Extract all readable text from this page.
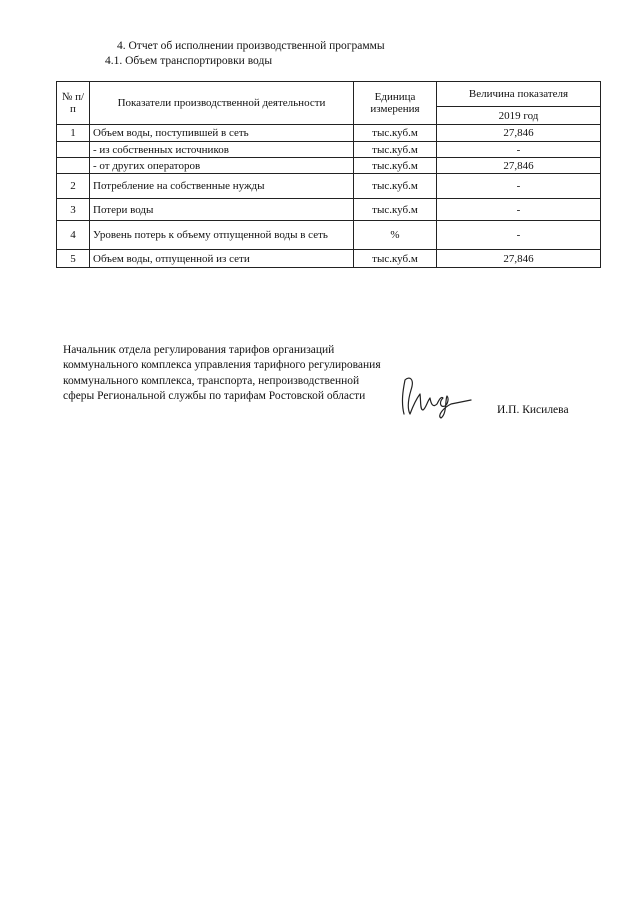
4. Отчет об исполнении производственной программы
4.1. Объем транспортировки воды
№ п/п	Показатели производственной деятельности	Единица измерения	Величина показателя
			2019 год
1	Объем воды, поступившей в сеть	тыс.куб.м	27,846
	- из собственных источников	тыс.куб.м	-
	- от других операторов	тыс.куб.м	27,846
2	Потребление на собственные нужды	тыс.куб.м	-
3	Потери воды	тыс.куб.м	-
4	Уровень потерь к объему отпущенной воды в сеть	%	-
5	Объем воды, отпущенной из сети	тыс.куб.м	27,846
Начальник отдела регулирования тарифов организаций коммунального комплекса управления тарифного регулирования коммунального комплекса, транспорта, непроизводственной сферы Региональной службы по тарифам Ростовской области
И.П. Кисилева
